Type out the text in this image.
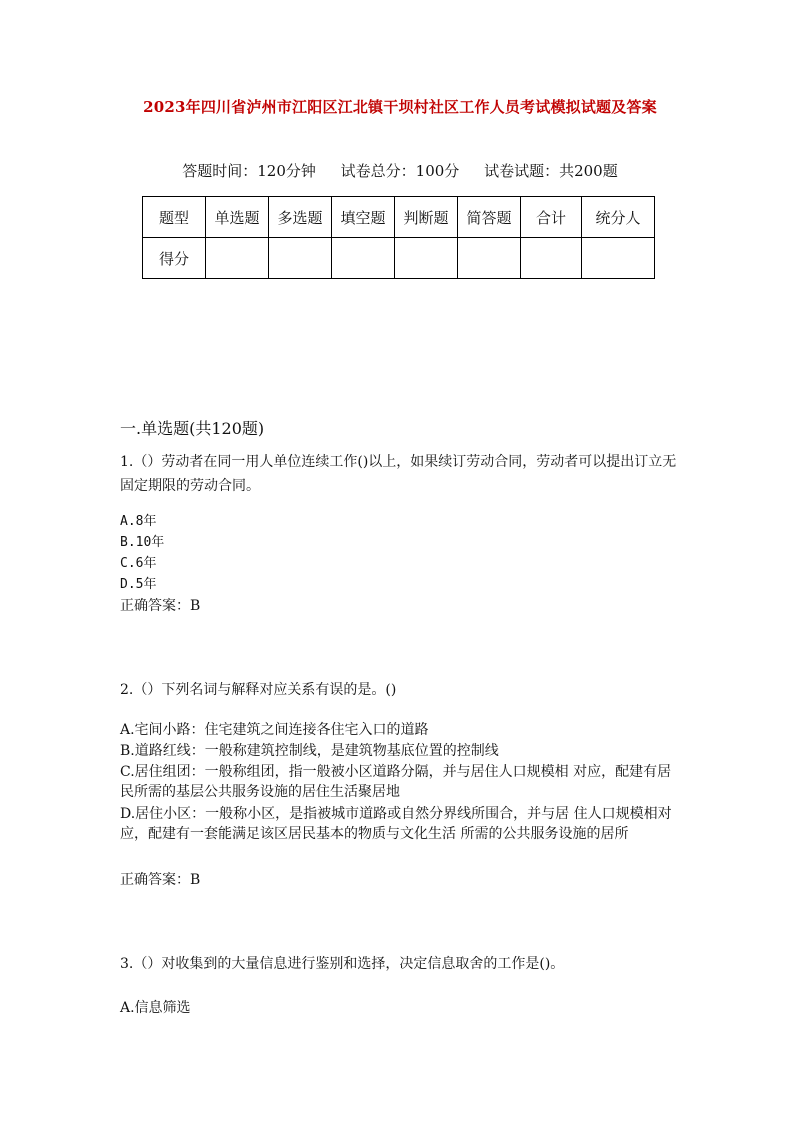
2023年四川省泸州市江阳区江北镇干坝村社区工作人员考试模拟试题及答案
答题时间：120分钟 试卷总分：100分 试卷试题：共200题
题型	单选题	多选题	填空题	判断题	简答题	合计	统分人
得分							
一.单选题(共120题)
1.（）劳动者在同一用人单位连续工作()以上，如果续订劳动合同，劳动者可以提出订立无固定期限的劳动合同。
A.8年
B.10年
C.6年
D.5年
正确答案：B
2.（）下列名词与解释对应关系有误的是。()
A.宅间小路：住宅建筑之间连接各住宅入口的道路
B.道路红线：一般称建筑控制线，是建筑物基底位置的控制线
C.居住组团：一般称组团，指一般被小区道路分隔，并与居住人口规模相 对应，配建有居民所需的基层公共服务设施的居住生活聚居地
D.居住小区：一般称小区，是指被城市道路或自然分界线所围合，并与居 住人口规模相对应，配建有一套能满足该区居民基本的物质与文化生活 所需的公共服务设施的居所
正确答案：B
3.（）对收集到的大量信息进行鉴别和选择，决定信息取舍的工作是()。
A.信息筛选
